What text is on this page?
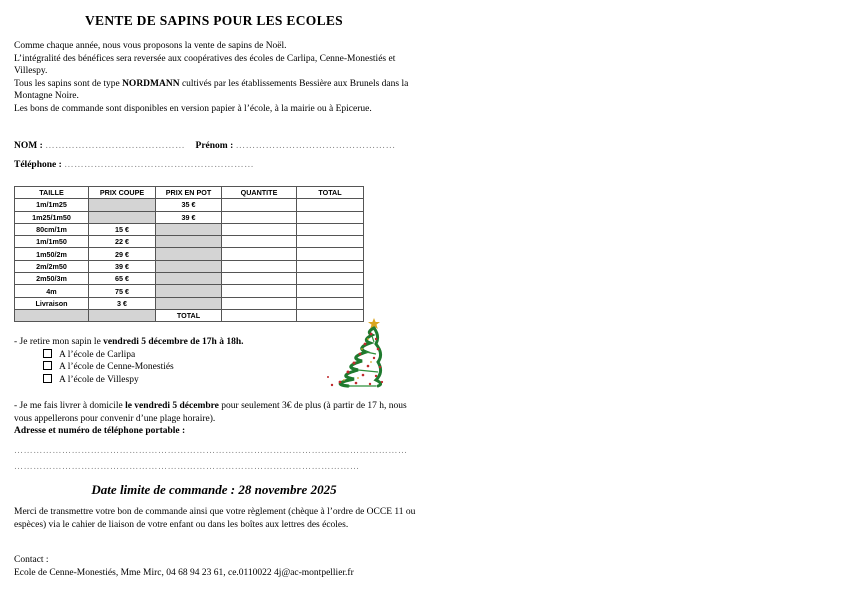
VENTE DE SAPINS POUR LES ECOLES

Comme chaque année, nous vous proposons la vente de sapins de Noël.

L’intégralité des bénéfices sera reversée aux coopératives des écoles de Carlipa, Cenne-Monestiés et Villespy.

Tous les sapins sont de type NORDMANN cultivés par les établissements Bessière aux Brunels dans la Montagne Noire.

Les bons de commande sont disponibles en version papier à l’école, à la mairie ou à Epicerue.

NOM : …………………………………… Prénom : …………………………………………
Téléphone : …………………………………………………
TAILLE	PRIX COUPE	PRIX EN POT	QUANTITE	TOTAL
1m/1m25		35 €		
1m25/1m50		39 €		
80cm/1m	15 €			
1m/1m50	22 €			
1m50/2m	29 €			
2m/2m50	39 €			
2m50/3m	65 €			
4m	75 €			
Livraison	3 €			
		TOTAL		

- Je retire mon sapin le vendredi 5 décembre de 17h à 18h.

A l’école de Carlipa
A l’école de Cenne-Monestiés
A l’école de Villespy

- Je me fais livrer à domicile le vendredi 5 décembre pour seulement 3€ de plus (à partir de 17 h, nous vous appellerons pour convenir d’une plage horaire).

Adresse et numéro de téléphone portable :

……………………………………………………………………………………………………………
………………………………………………………………………………………………
Date limite de commande : 28 novembre 2025
Merci de transmettre votre bon de commande ainsi que votre règlement (chèque à l’ordre de OCCE 11 ou espèces) via le cahier de liaison de votre enfant ou dans les boîtes aux lettres des écoles.

Contact :

Ecole de Cenne-Monestiés, Mme Mirc, 04 68 94 23 61, ce.0110022 4j@ac-montpellier.fr
